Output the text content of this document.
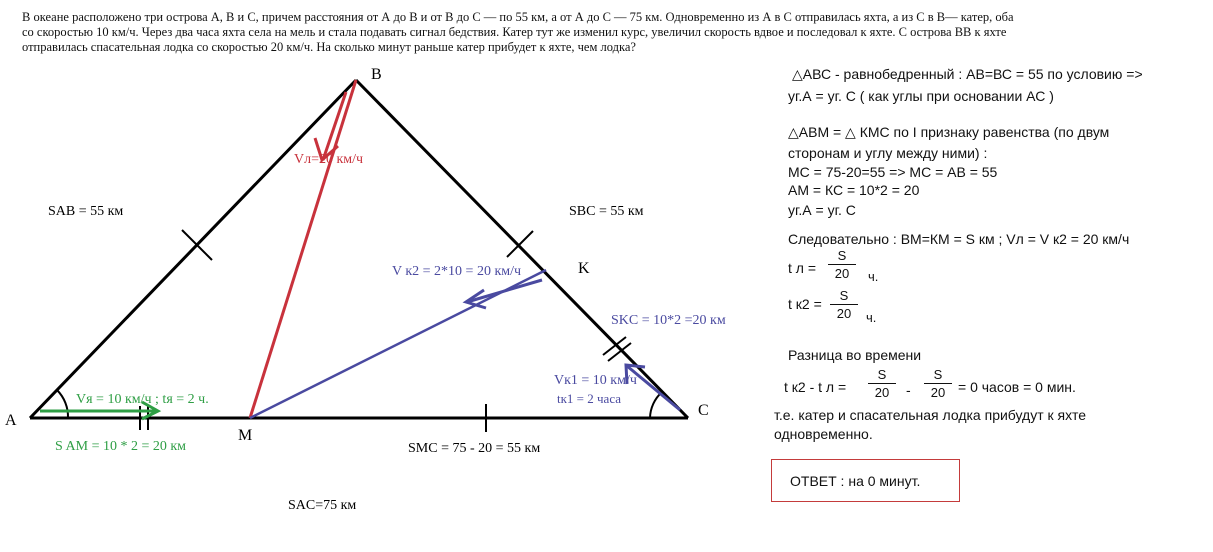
В океане расположено три острова А, В и С, причем расстояния от А до В и от В до С — по 55 км, а от А до С — 75 км. Одновременно из А в С отправилась яхта, а из С в В— катер, оба со скоростью 10 км/ч. Через два часа яхта села на мель и стала подавать сигнал бедствия. Катер тут же изменил курс, увеличил скорость вдвое и последовал к яхте. С острова ВВ к яхте отправилась спасательная лодка со скоростью 20 км/ч. На сколько минут раньше катер прибудет к яхте, чем лодка?
B
A
C
K
M
SAB = 55 км	SBC = 55 км
Vл=20 км/ч
V к2 = 2*10 = 20 км/ч
SKC = 10*2 =20 км
Vк1 = 10 км/ч
tк1 = 2 часа
Vя = 10 км/ч ; tя = 2 ч.
S AM = 10 * 2 = 20 км	SMC = 75 - 20 = 55 км
SAC=75 км
△АВС - равнобедренный : АВ=ВС = 55 по условию =>
уг.А = уг. С ( как углы при основании АС )
△АВМ = △ КМС по I признаку равенства (по двум
сторонам и углу между ними) :
МС = 75-20=55 => МС = АВ = 55
АМ = КС = 10*2 = 20
уг.А = уг. С
Следовательно : ВМ=КМ = S км ; Vл = V к2 = 20 км/ч
t л =
S
20	ч.
t к2 =
S
20	ч.
Разница во времени
t к2 - t л =
S
20	-
S
20 = 0 часов = 0 мин.
т.е. катер и спасательная лодка прибудут к яхте
одновременно.
ОТВЕТ : на 0 минут.
